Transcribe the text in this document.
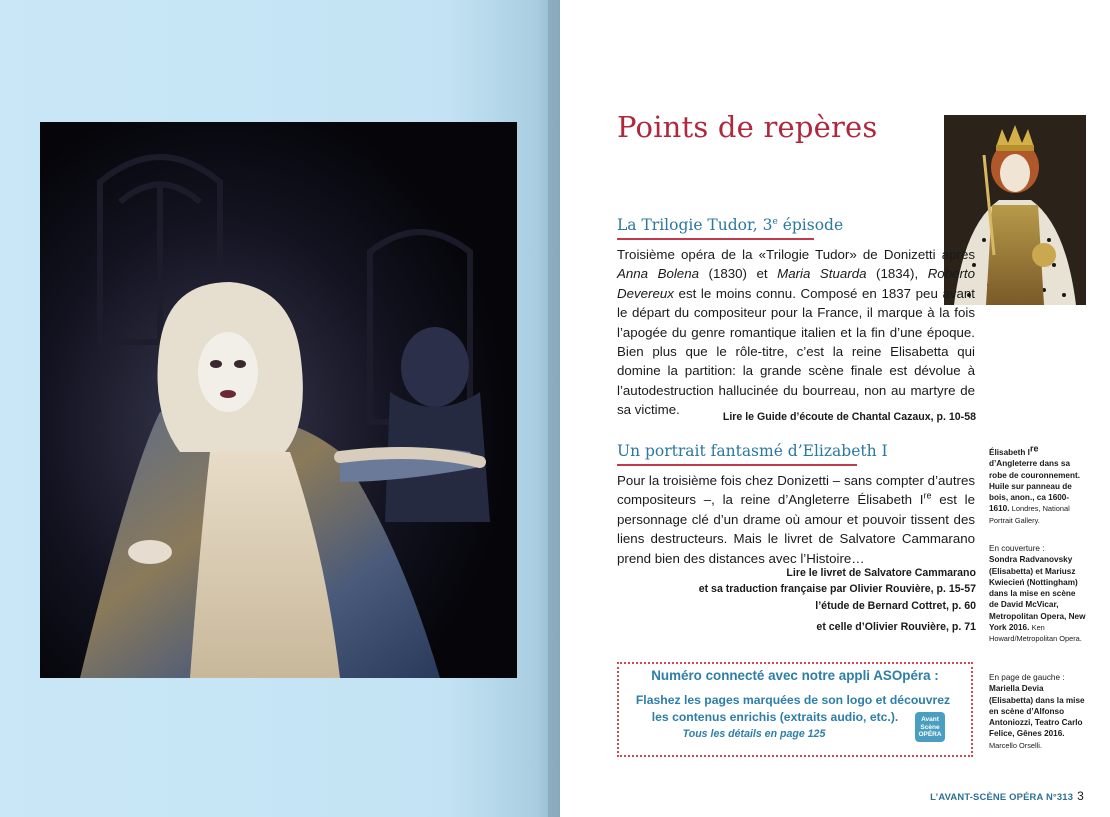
Points de repères
La Trilogie Tudor, 3e épisode

Troisième opéra de la «Trilogie Tudor» de Donizetti après Anna Bolena (1830) et Maria Stuarda (1834), Roberto Devereux est le moins connu. Composé en 1837 peu avant le départ du compositeur pour la France, il marque à la fois l’apogée du genre romantique italien et la fin d’une époque. Bien plus que le rôle-titre, c’est la reine Elisabetta qui domine la partition: la grande scène finale est dévolue à l’autodestruction hallucinée du bourreau, non au martyre de sa victime.	Lire le Guide d’écoute de Chantal Cazaux, p. 10-58

Un portrait fantasmé d’Elizabeth I

Pour la troisième fois chez Donizetti – sans compter d’autres compositeurs –, la reine d’Angleterre Élisabeth Ire est le personnage clé d’un drame où amour et pouvoir tissent des liens destructeurs. Mais le livret de Salvatore Cammarano prend bien des distances avec l’Histoire…

Lire le livret de Salvatore Cammarano
et sa traduction française par Olivier Rouvière, p. 15-57

l’étude de Bernard Cottret, p. 60

et celle d’Olivier Rouvière, p. 71

Numéro connecté avec notre appli ASOpéra :
Flashez les pages marquées de son logo et découvrez
les contenus enrichis (extraits audio, etc.).
Tous les détails en page 125
Avant
Scène
OPÉRA

Élisabeth Ire d’Angleterre dans sa robe de couronnement. Huile sur panneau de bois, anon., ca 1600-1610. Londres, National Portrait Gallery.

En couverture :
Sondra Radvanovsky (Elisabetta) et Mariusz Kwiecień (Nottingham) dans la mise en scène de David McVicar, Metropolitan Opera, New York 2016. Ken Howard/Metropolitan Opera.

En page de gauche :
Mariella Devia (Elisabetta) dans la mise en scène d’Alfonso Antoniozzi, Teatro Carlo Felice, Gênes 2016. Marcello Orselli.

L’AVANT-SCÈNE OPÉRA N°313 3
